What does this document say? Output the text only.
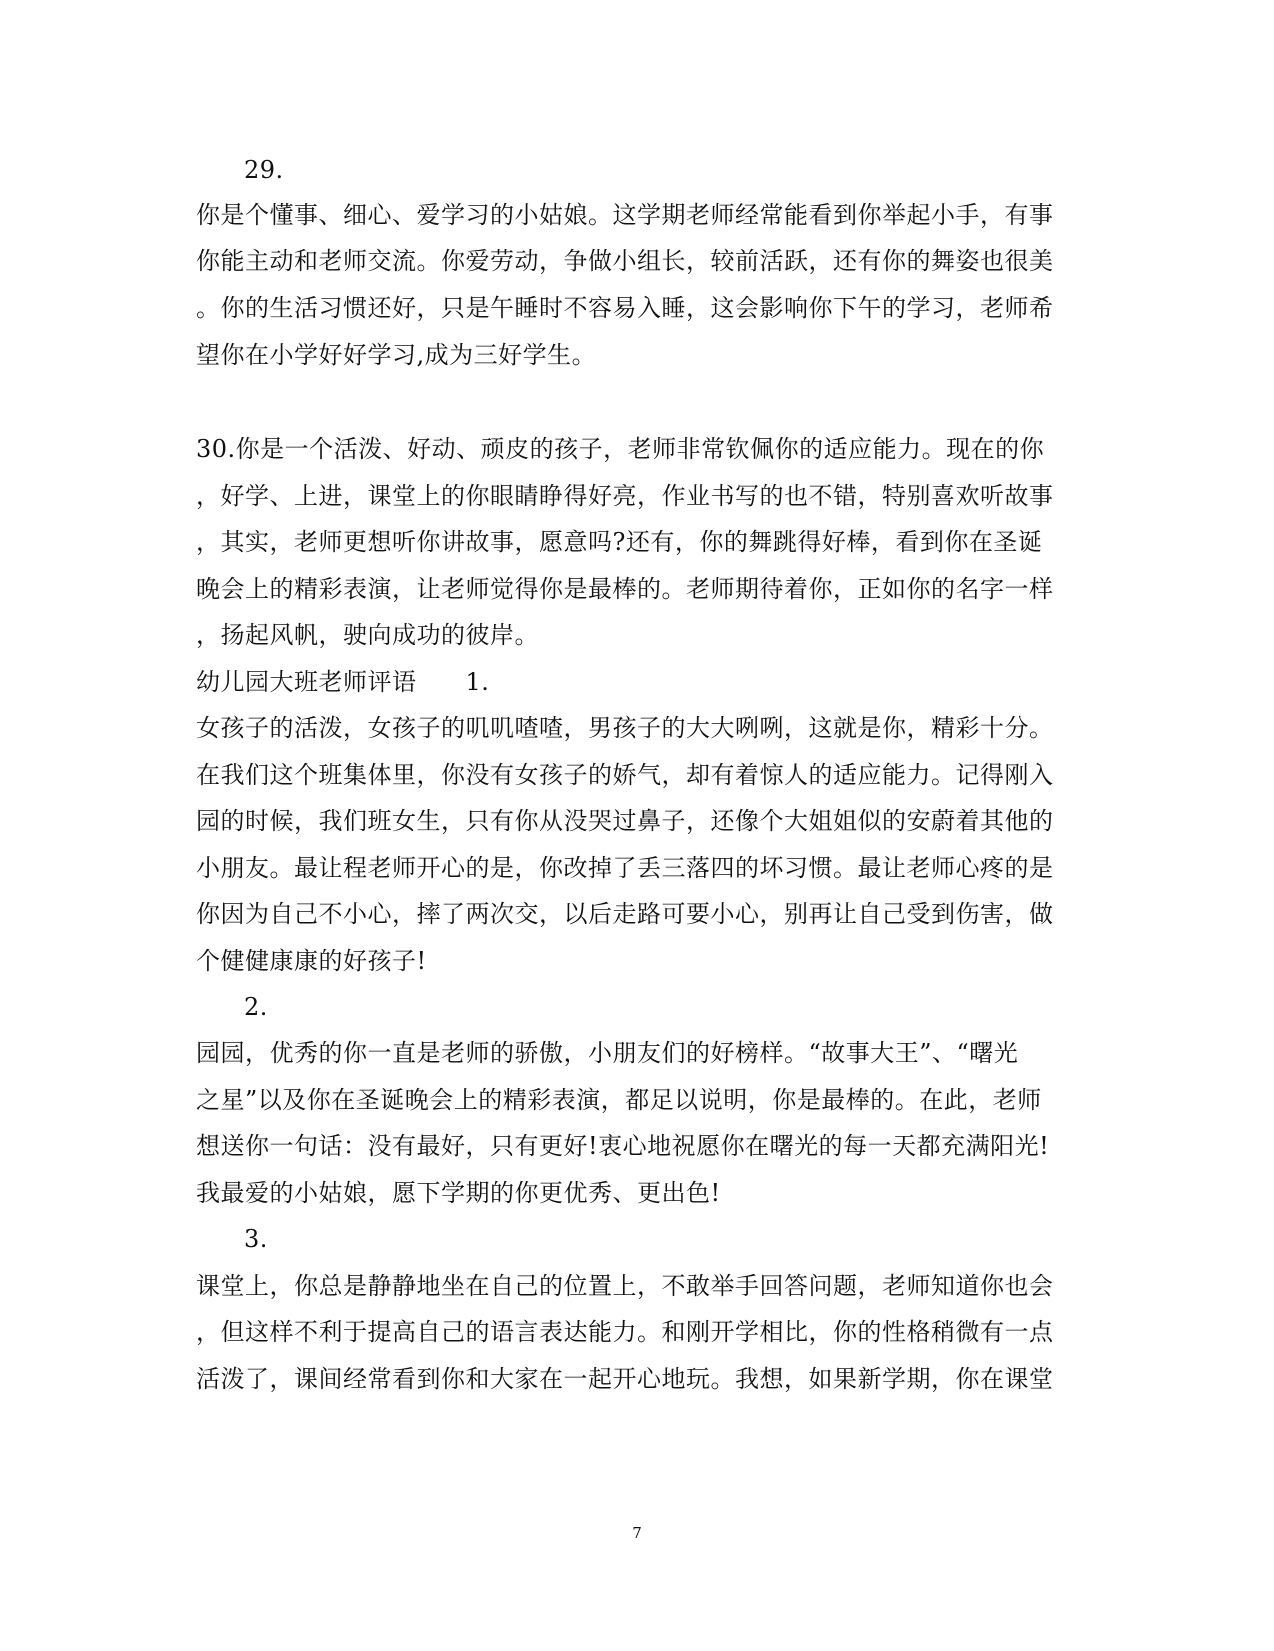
29.
你是个懂事、细心、爱学习的小姑娘。这学期老师经常能看到你举起小手，有事
你能主动和老师交流。你爱劳动，争做小组长，较前活跃，还有你的舞姿也很美
。你的生活习惯还好，只是午睡时不容易入睡，这会影响你下午的学习，老师希
望你在小学好好学习,成为三好学生。
30.你是一个活泼、好动、顽皮的孩子，老师非常钦佩你的适应能力。现在的你
，好学、上进，课堂上的你眼睛睁得好亮，作业书写的也不错，特别喜欢听故事
，其实，老师更想听你讲故事，愿意吗?还有，你的舞跳得好棒，看到你在圣诞
晚会上的精彩表演，让老师觉得你是最棒的。老师期待着你，正如你的名字一样
，扬起风帆，驶向成功的彼岸。
幼儿园大班老师评语　　1.
女孩子的活泼，女孩子的叽叽喳喳，男孩子的大大咧咧，这就是你，精彩十分。
在我们这个班集体里，你没有女孩子的娇气，却有着惊人的适应能力。记得刚入
园的时候，我们班女生，只有你从没哭过鼻子，还像个大姐姐似的安蔚着其他的
小朋友。最让程老师开心的是，你改掉了丢三落四的坏习惯。最让老师心疼的是
你因为自己不小心，摔了两次交，以后走路可要小心，别再让自己受到伤害，做
个健健康康的好孩子!
2.
园园，优秀的你一直是老师的骄傲，小朋友们的好榜样。“故事大王”、“曙光
之星”以及你在圣诞晚会上的精彩表演，都足以说明，你是最棒的。在此，老师
想送你一句话：没有最好，只有更好!衷心地祝愿你在曙光的每一天都充满阳光!
我最爱的小姑娘，愿下学期的你更优秀、更出色!
3.
课堂上，你总是静静地坐在自己的位置上，不敢举手回答问题，老师知道你也会
，但这样不利于提高自己的语言表达能力。和刚开学相比，你的性格稍微有一点
活泼了，课间经常看到你和大家在一起开心地玩。我想，如果新学期，你在课堂
7
